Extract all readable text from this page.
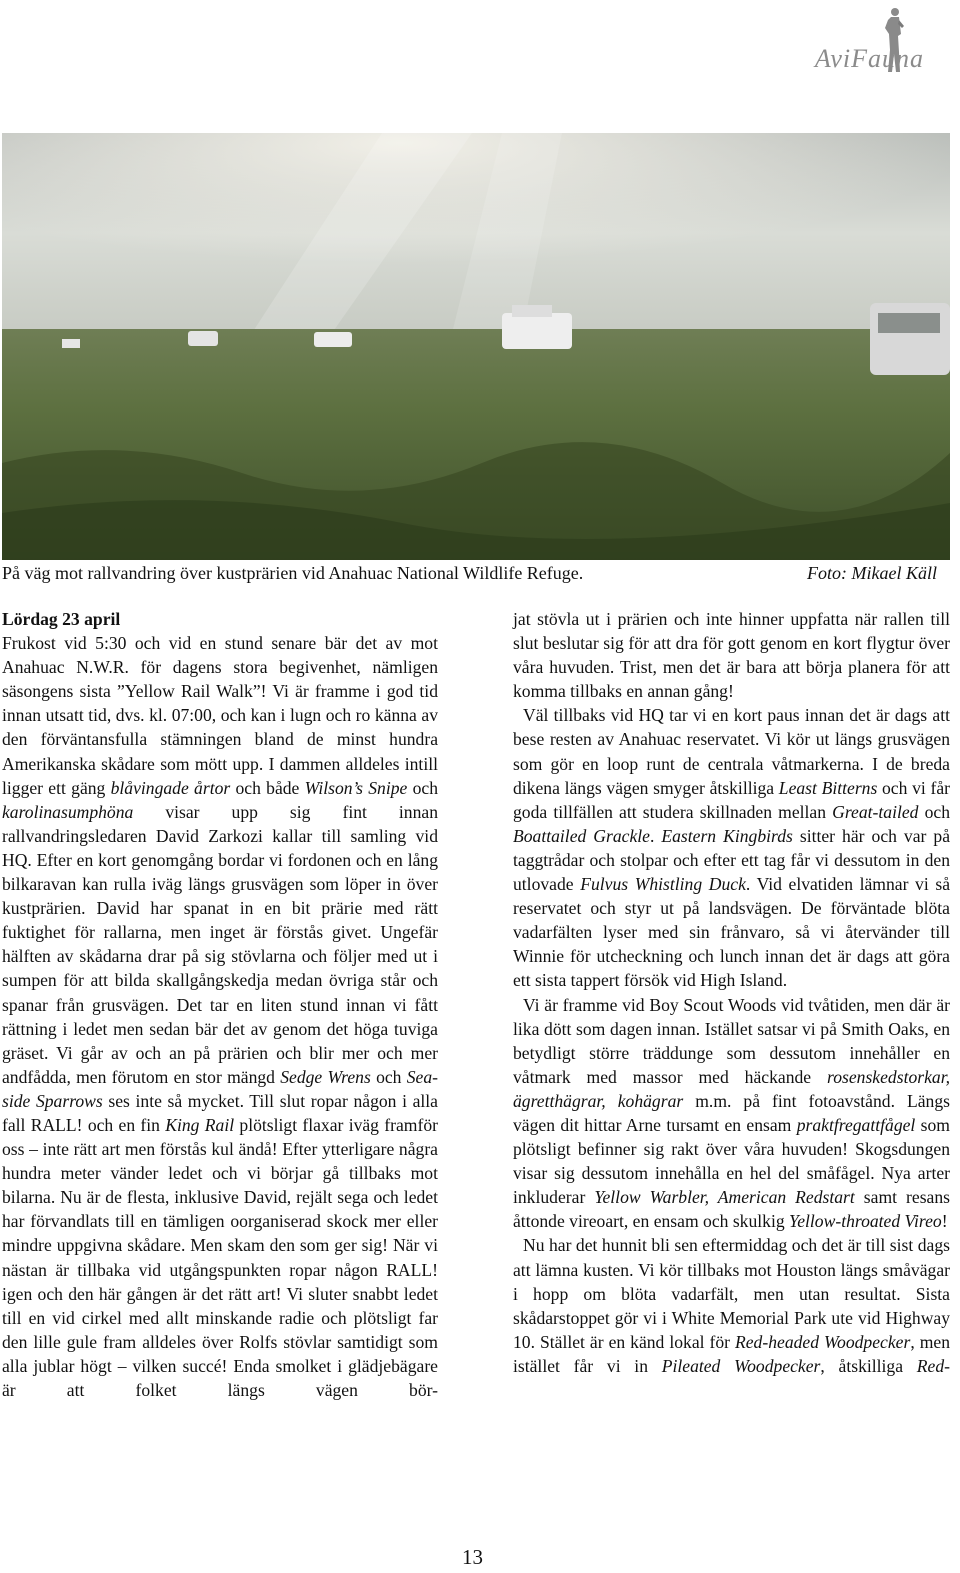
AviFauna
På väg mot rallvandring över kustprärien vid Anahuac National Wildlife Refuge.	Foto: Mikael Käll

Lördag 23 april

Frukost vid 5:30 och vid en stund senare bär det av mot Anahuac N.W.R. för dagens stora begivenhet, nämligen säsongens sista ”Yellow Rail Walk”! Vi är framme i god tid innan utsatt tid, dvs. kl. 07:00, och kan i lugn och ro känna av den förväntansfulla stämningen bland de minst hundra Amerikanska skådare som mött upp. I dammen alldeles intill ligger ett gäng blåvingade årtor och både Wilson’s Snipe och karolinasumphöna visar upp sig fint innan rallvandringsledaren David Zarkozi kallar till samling vid HQ. Efter en kort genomgång bordar vi fordonen och en lång bilkaravan kan rulla iväg längs grusvägen som löper in över kustprärien. David har spanat in en bit prärie med rätt fuktighet för rallarna, men inget är förstås givet. Ungefär hälften av skådarna drar på sig stövlarna och följer med ut i sumpen för att bilda skallgångskedja medan övriga står och spanar från grusvägen. Det tar en liten stund innan vi fått rättning i ledet men sedan bär det av genom det höga tuviga gräset. Vi går av och an på prärien och blir mer och mer andfådda, men förutom en stor mängd Sedge Wrens och Seaside Sparrows ses inte så mycket. Till slut ropar någon i alla fall RALL! och en fin King Rail plötsligt flaxar iväg framför oss – inte rätt art men förstås kul ändå! Efter ytterligare några hundra meter vänder ledet och vi börjar gå tillbaks mot bilarna. Nu är de flesta, inklusive David, rejält sega och ledet har förvandlats till en tämligen oorganiserad skock mer eller mindre uppgivna skådare. Men skam den som ger sig! När vi nästan är tillbaka vid utgångspunkten ropar någon RALL! igen och den här gången är det rätt art! Vi sluter snabbt ledet till en vid cirkel med allt minskande radie och plötsligt far den lille gule fram alldeles över Rolfs stövlar samtidigt som alla jublar högt – vilken succé! Enda smolket i glädjebägare är att folket längs vägen bör-

jat stövla ut i prärien och inte hinner uppfatta när rallen till slut beslutar sig för att dra för gott genom en kort flygtur över våra huvuden. Trist, men det är bara att börja planera för att komma tillbaks en annan gång!

Väl tillbaks vid HQ tar vi en kort paus innan det är dags att bese resten av Anahuac reservatet. Vi kör ut längs grusvägen som gör en loop runt de centrala våtmarkerna. I de breda dikena längs vägen smyger åtskilliga Least Bitterns och vi får goda tillfällen att studera skillnaden mellan Great-tailed och Boattailed Grackle. Eastern Kingbirds sitter här och var på taggtrådar och stolpar och efter ett tag får vi dessutom in den utlovade Fulvus Whistling Duck. Vid elvatiden lämnar vi så reservatet och styr ut på landsvägen. De förväntade blöta vadarfälten lyser med sin frånvaro, så vi återvänder till Winnie för utcheckning och lunch innan det är dags att göra ett sista tappert försök vid High Island.

Vi är framme vid Boy Scout Woods vid tvåtiden, men där är lika dött som dagen innan. Istället satsar vi på Smith Oaks, en betydligt större träddunge som dessutom innehåller en våtmark med massor med häckande rosenskedstorkar, ägretthägrar, kohägrar m.m. på fint fotoavstånd. Längs vägen dit hittar Arne tursamt en ensam praktfregattfågel som plötsligt befinner sig rakt över våra huvuden! Skogsdungen visar sig dessutom innehålla en hel del småfågel. Nya arter inkluderar Yellow Warbler, American Redstart samt resans åttonde vireoart, en ensam och skulkig Yellow-throated Vireo!

Nu har det hunnit bli sen eftermiddag och det är till sist dags att lämna kusten. Vi kör tillbaks mot Houston längs småvägar i hopp om blöta vadarfält, men utan resultat. Sista skådarstoppet gör vi i White Memorial Park ute vid Highway 10. Stället är en känd lokal för Red-headed Woodpecker, men istället får vi in Pileated Woodpecker, åtskilliga Red-

13
